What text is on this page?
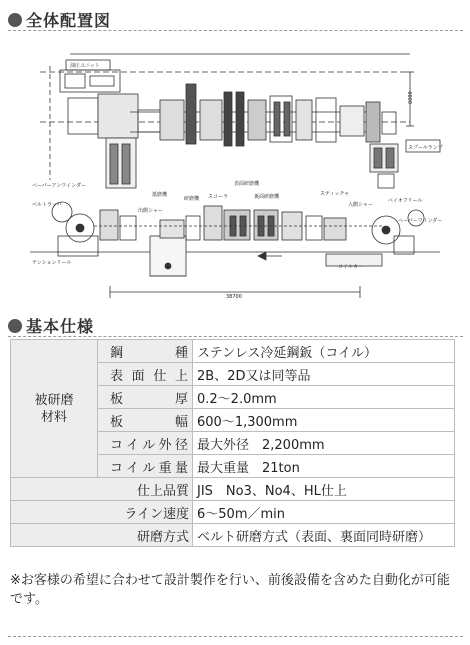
全体配置図
油圧ユニット
6000
スプールランプ
ペーパーアンワインダー
ベルトラッパ
テンションリール
抵磨機
出側シャー
スコーラ
表面研磨機
裏面研磨機
研磨機
スティッチャ
入側シャー
ペイオフリール
ペーパーワインダー
コイルカー
38700
基本仕様
被研磨
材料	鋼　種	ステンレス冷延鋼鈑（コイル）
	表面仕上	2B、2D又は同等品
	板　厚	0.2〜2.0mm
	板　幅	600〜1,300mm
	コイル外径	最大外径　2,200mm
	コイル重量	最大重量　21ton
仕上品質		JIS　No3、No4、HL仕上
ライン速度		6〜50m／min
研磨方式		ベルト研磨方式（表面、裏面同時研磨）
※お客様の希望に合わせて設計製作を行い、前後設備を含めた自動化が可能です。
